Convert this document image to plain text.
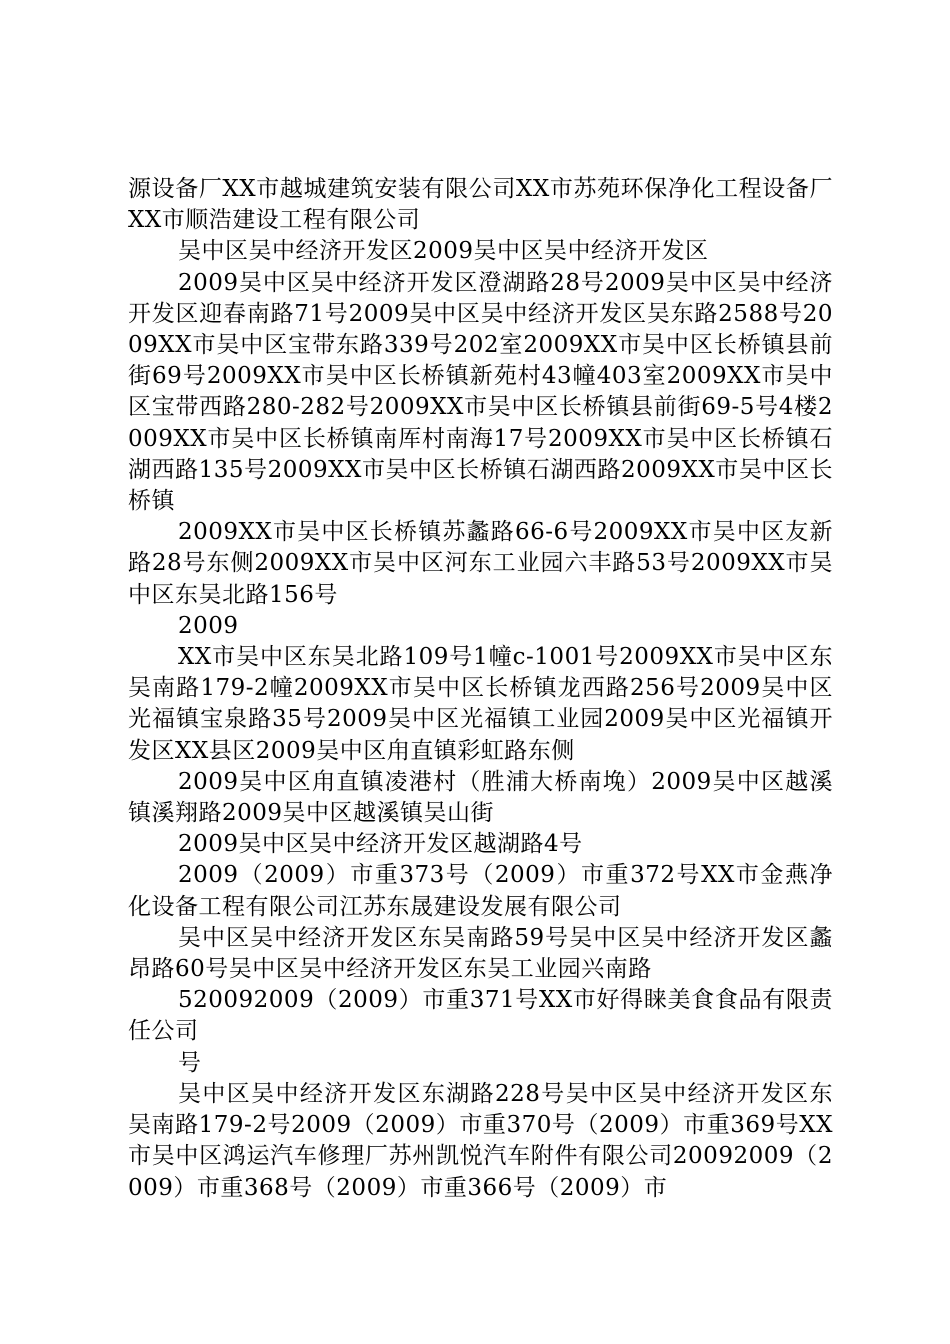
源设备厂XX市越城建筑安装有限公司XX市苏苑环保净化工程设备厂XX市顺浩建设工程有限公司

吴中区吴中经济开发区2009吴中区吴中经济开发区

2009吴中区吴中经济开发区澄湖路28号2009吴中区吴中经济开发区迎春南路71号2009吴中区吴中经济开发区吴东路2588号2009XX市吴中区宝带东路339号202室2009XX市吴中区长桥镇县前街69号2009XX市吴中区长桥镇新苑村43幢403室2009XX市吴中区宝带西路280-282号2009XX市吴中区长桥镇县前街69-5号4楼2009XX市吴中区长桥镇南厍村南海17号2009XX市吴中区长桥镇石湖西路135号2009XX市吴中区长桥镇石湖西路2009XX市吴中区长桥镇

2009XX市吴中区长桥镇苏蠡路66-6号2009XX市吴中区友新路28号东侧2009XX市吴中区河东工业园六丰路53号2009XX市吴中区东吴北路156号

2009

XX市吴中区东吴北路109号1幢c-1001号2009XX市吴中区东吴南路179-2幢2009XX市吴中区长桥镇龙西路256号2009吴中区光福镇宝泉路35号2009吴中区光福镇工业园2009吴中区光福镇开发区XX县区2009吴中区甪直镇彩虹路东侧

2009吴中区甪直镇凌港村（胜浦大桥南堍）2009吴中区越溪镇溪翔路2009吴中区越溪镇吴山街

2009吴中区吴中经济开发区越湖路4号

2009（2009）市重373号（2009）市重372号XX市金燕净化设备工程有限公司江苏东晟建设发展有限公司

吴中区吴中经济开发区东吴南路59号吴中区吴中经济开发区蠡昂路60号吴中区吴中经济开发区东吴工业园兴南路

520092009（2009）市重371号XX市好得睐美食食品有限责任公司

号

吴中区吴中经济开发区东湖路228号吴中区吴中经济开发区东吴南路179-2号2009（2009）市重370号（2009）市重369号XX市吴中区鸿运汽车修理厂苏州凯悦汽车附件有限公司20092009（2009）市重368号（2009）市重366号（2009）市
